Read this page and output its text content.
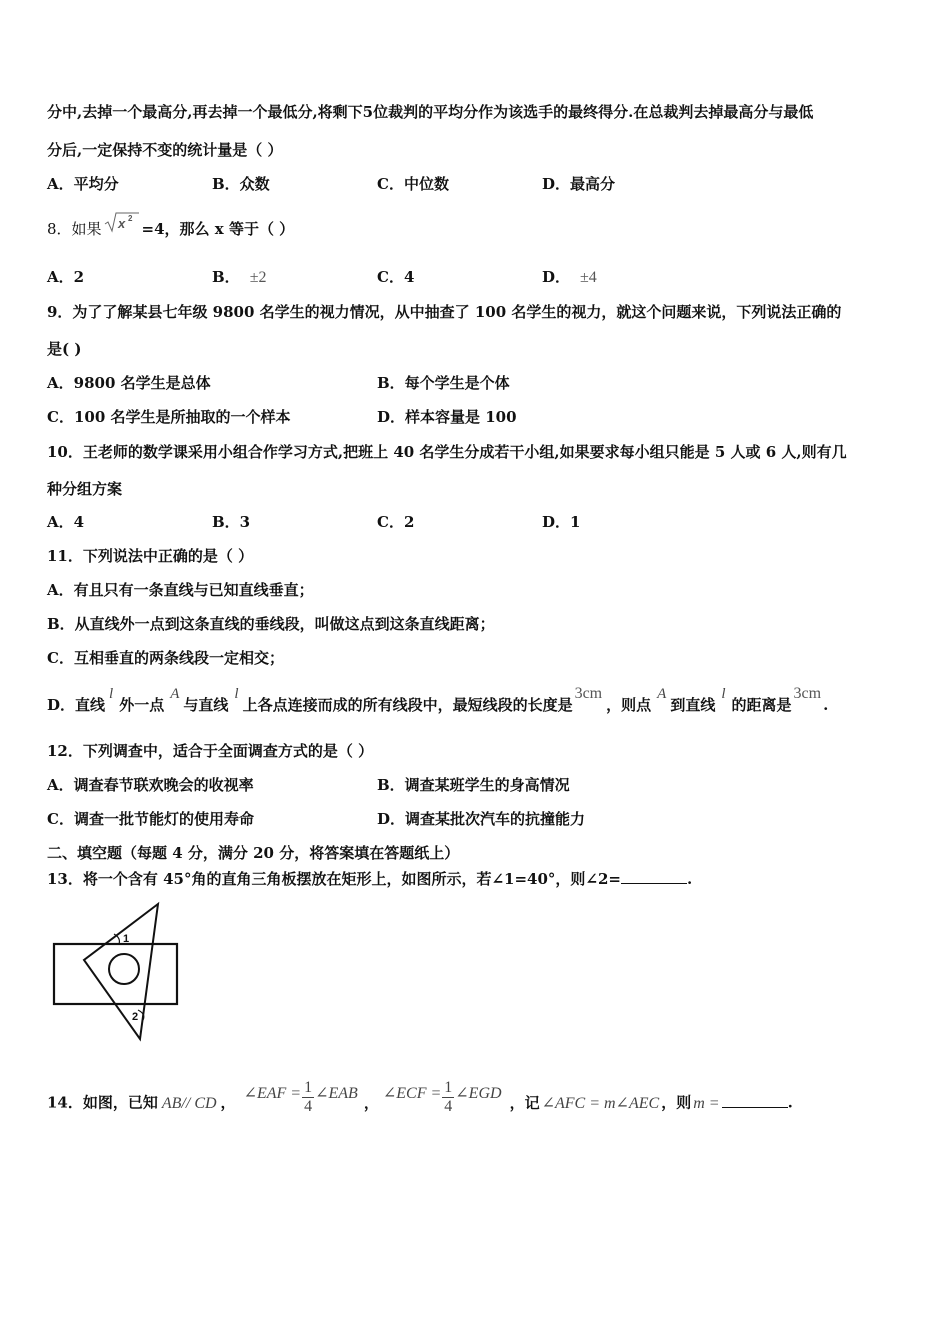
分中,去掉一个最高分,再去掉一个最低分,将剩下5位裁判的平均分作为该选手的最终得分.在总裁判去掉最高分与最低
分后,一定保持不变的统计量是（ ）
A．平均分	B．众数	C．中位数	D．最高分
8．如果 x 2
=4，那么 x 等于（ ）
A．2	B． ±2	C．4	D． ±4
9．为了了解某县七年级 9800 名学生的视力情况，从中抽查了 100 名学生的视力，就这个问题来说，下列说法正确的
是( )
A．9800 名学生是总体	B．每个学生是个体
C．100 名学生是所抽取的一个样本	D．样本容量是 100
10．王老师的数学课采用小组合作学习方式,把班上 40 名学生分成若干小组,如果要求每小组只能是 5 人或 6 人,则有几
种分组方案
A．4	B．3	C．2	D．1
11．下列说法中正确的是（ ）
A．有且只有一条直线与已知直线垂直；
B．从直线外一点到这条直线的垂线段，叫做这点到这条直线距离；
C．互相垂直的两条线段一定相交；
D．直线l外一点A与直线l上各点连接而成的所有线段中，最短线段的长度是3cm，则点A到直线l的距离是3cm.
12．下列调查中，适合于全面调查方式的是（ ）
A．调查春节联欢晚会的收视率	B．调查某班学生的身高情况
C．调查一批节能灯的使用寿命	D．调查某批次汽车的抗撞能力
二、填空题（每题 4 分，满分 20 分，将答案填在答题纸上）
13．将一个含有 45°角的直角三角板摆放在矩形上，如图所示，若∠1=40°，则∠2=	.
1
2
14．如图，已知 AB// CD ，∠EAF = $\frac{1}{4}$ ∠EAB，∠ECF = $\frac{1}{4}$ ∠EGD，记 ∠AFC = m∠AEC ，则 m =	.
